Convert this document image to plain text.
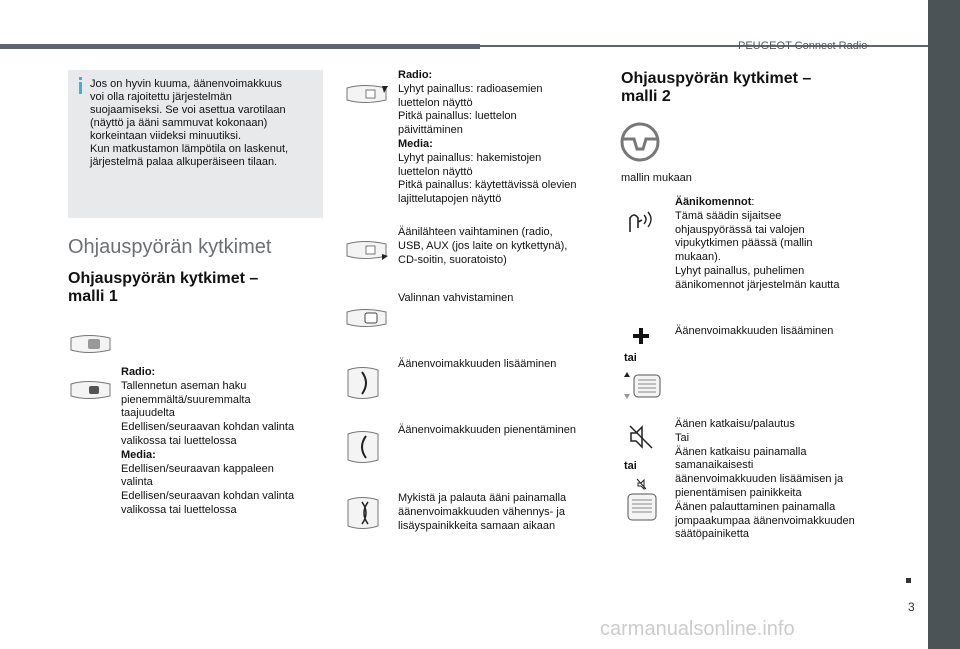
PEUGEOT Connect Radio
3
carmanualsonline.info
Jos on hyvin kuuma, äänenvoimakkuus
voi olla rajoitettu järjestelmän
suojaamiseksi. Se voi asettua varotilaan
(näyttö ja ääni sammuvat kokonaan)
korkeintaan viideksi minuutiksi.
Kun matkustamon lämpötila on laskenut,
järjestelmä palaa alkuperäiseen tilaan.
Ohjauspyörän kytkimet
Ohjauspyörän kytkimet –
malli 1
Radio:
Tallennetun aseman haku
pienemmältä/suuremmalta
taajuudelta
Edellisen/seuraavan kohdan valinta
valikossa tai luettelossa
Media:
Edellisen/seuraavan kappaleen
valinta
Edellisen/seuraavan kohdan valinta
valikossa tai luettelossa
Radio:
Lyhyt painallus: radioasemien
luettelon näyttö
Pitkä painallus: luettelon
päivittäminen
Media:
Lyhyt painallus: hakemistojen
luettelon näyttö
Pitkä painallus: käytettävissä olevien
lajittelutapojen näyttö
Äänilähteen vaihtaminen (radio,
USB, AUX (jos laite on kytkettynä),
CD-soitin, suoratoisto)
Valinnan vahvistaminen
Äänenvoimakkuuden lisääminen
Äänenvoimakkuuden pienentäminen
Mykistä ja palauta ääni painamalla
äänenvoimakkuuden vähennys- ja
lisäyspainikkeita samaan aikaan
Ohjauspyörän kytkimet –
malli 2
mallin mukaan
Äänikomennot:
Tämä säädin sijaitsee
ohjauspyörässä tai valojen
vipukytkimen päässä (mallin
mukaan).
Lyhyt painallus, puhelimen
äänikomennot järjestelmän kautta
Äänenvoimakkuuden lisääminen
tai
tai
Äänen katkaisu/palautus
Tai
Äänen katkaisu painamalla
samanaikaisesti
äänenvoimakkuuden lisäämisen ja
pienentämisen painikkeita
Äänen palauttaminen painamalla
jompaakumpaa äänenvoimakkuuden
säätöpainiketta
